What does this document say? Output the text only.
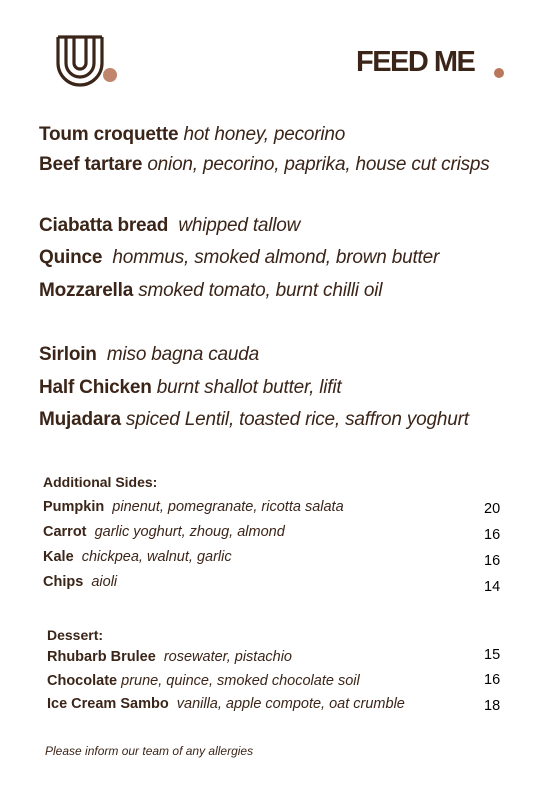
FEED ME
Toum croquette hot honey, pecorino
Beef tartare onion, pecorino, paprika, house cut crisps
Ciabatta bread whipped tallow
Quince hommus, smoked almond, brown butter
Mozzarella smoked tomato, burnt chilli oil
Sirloin miso bagna cauda
Half Chicken burnt shallot butter, lifit
Mujadara spiced Lentil, toasted rice, saffron yoghurt
Additional Sides:
Pumpkin pinenut, pomegranate, ricotta salata	20
Carrot garlic yoghurt, zhoug, almond	16
Kale chickpea, walnut, garlic	16
Chips aioli	14
Dessert:
Rhubarb Brulee rosewater, pistachio	15
Chocolate prune, quince, smoked chocolate soil	16
Ice Cream Sambo vanilla, apple compote, oat crumble	18
Please inform our team of any allergies
